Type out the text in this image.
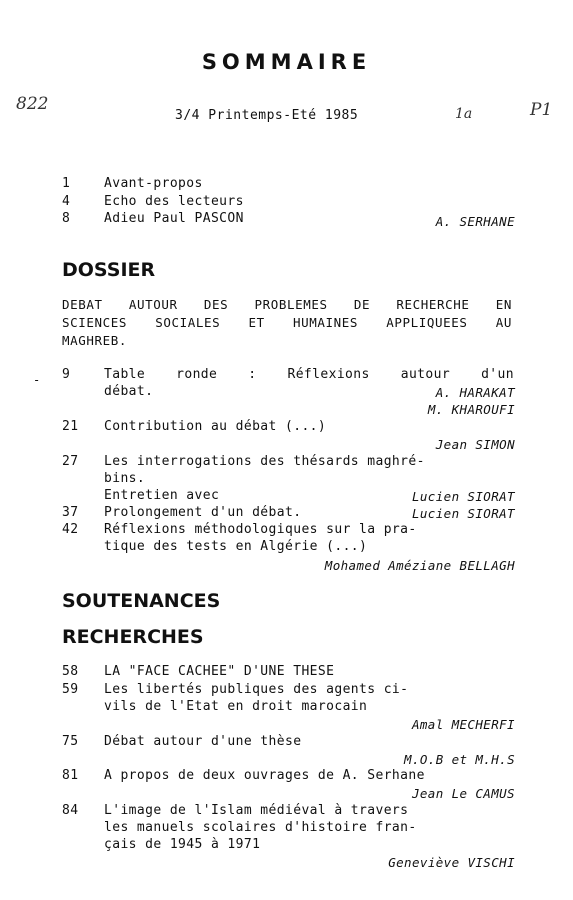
SOMMAIRE
822	1a	P1
3/4 Printemps-Eté 1985
1	Avant-propos
4	Echo des lecteurs
8	Adieu Paul PASCON	A. SERHANE
DOSSIER
DEBAT AUTOUR DES PROBLEMES DE RECHERCHE EN
SCIENCES SOCIALES ET HUMAINES APPLIQUEES AU
MAGHREB.
- 9	Table ronde : Réflexions autour d'un
débat.	A. HARAKAT
M. KHAROUFI
21	Contribution au débat (...)
Jean SIMON
27	Les interrogations des thésards maghré-
bins.
Entretien avec	Lucien SIORAT
37	Prolongement d'un débat.	Lucien SIORAT
42	Réflexions méthodologiques sur la pra-
tique des tests en Algérie (...)
Mohamed Améziane BELLAGH
SOUTENANCES
RECHERCHES
58	LA "FACE CACHEE" D'UNE THESE
59	Les libertés publiques des agents ci-
vils de l'Etat en droit marocain
Amal MECHERFI
75	Débat autour d'une thèse
M.O.B et M.H.S
81	A propos de deux ouvrages de A. Serhane
Jean Le CAMUS
84	L'image de l'Islam médiéval à travers
les manuels scolaires d'histoire fran-
çais de 1945 à 1971
Geneviève VISCHI
